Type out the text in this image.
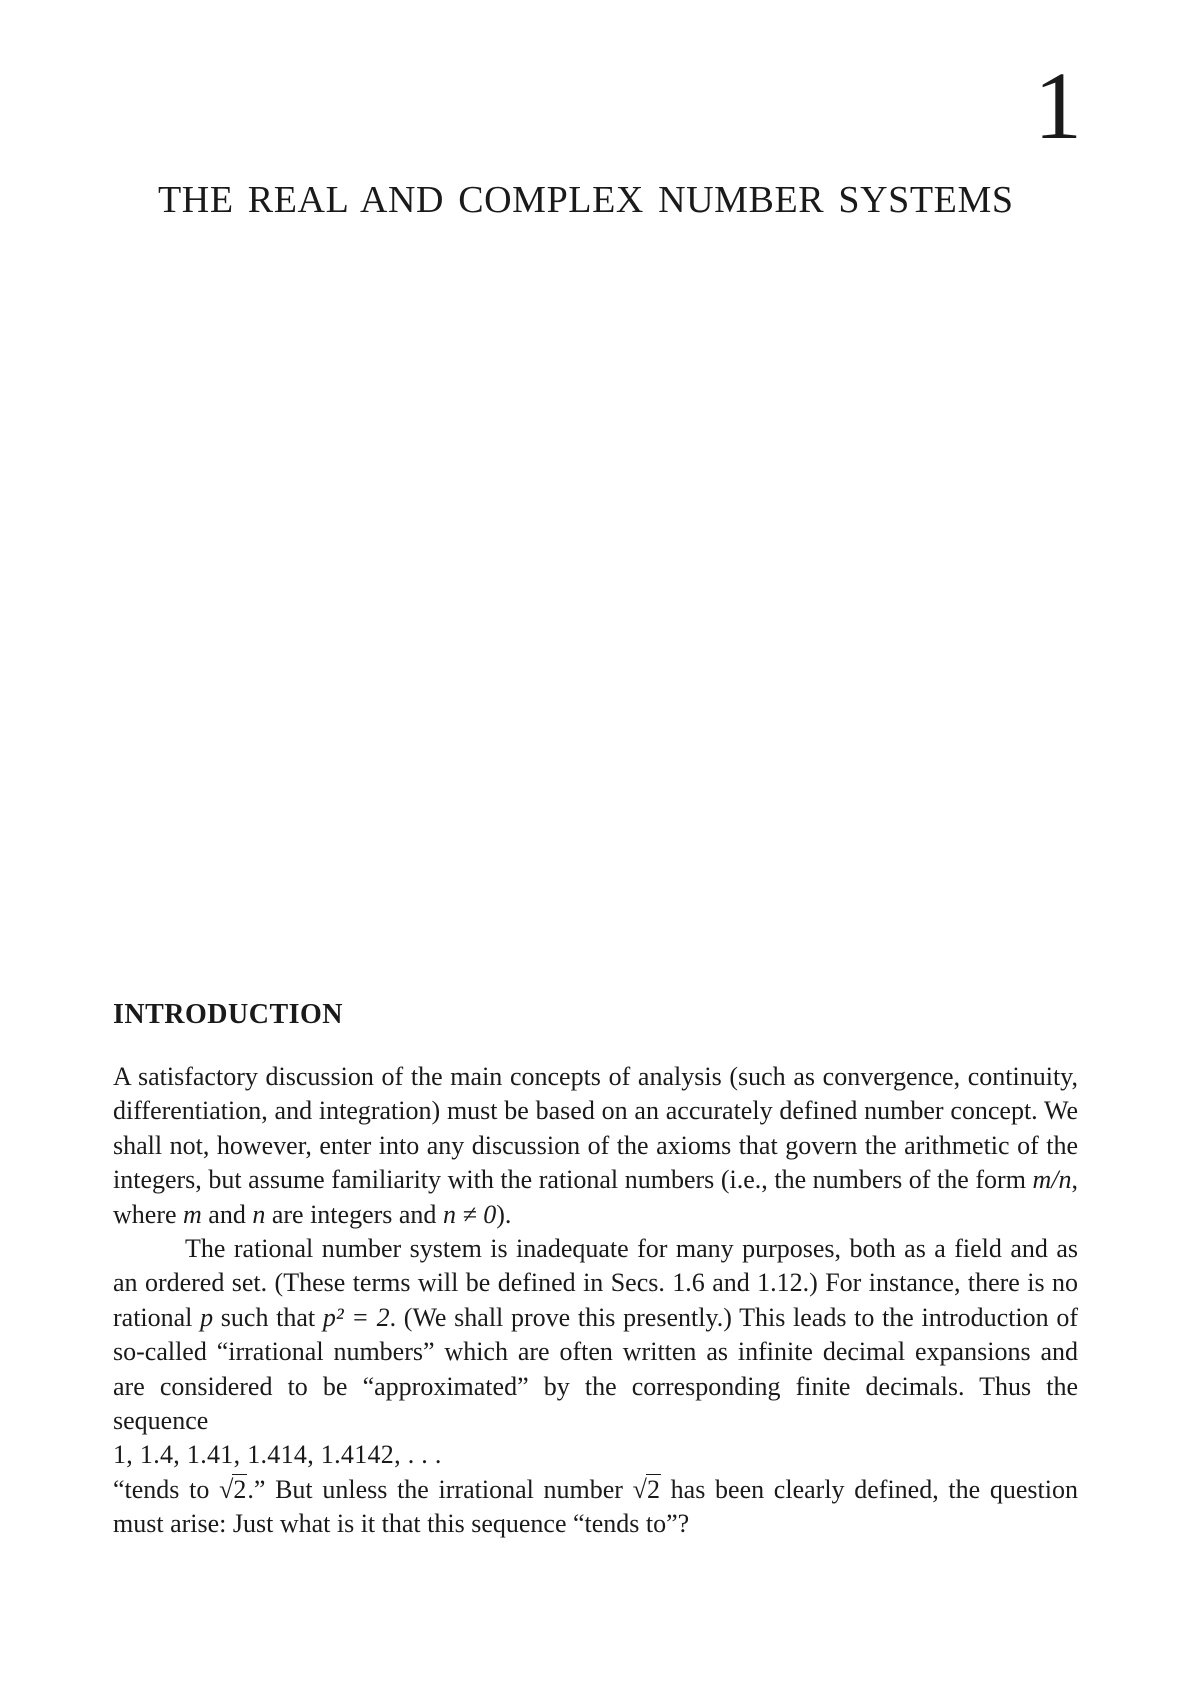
1
THE REAL AND COMPLEX NUMBER SYSTEMS
INTRODUCTION

A satisfactory discussion of the main concepts of analysis (such as convergence, continuity, differentiation, and integration) must be based on an accurately defined number concept. We shall not, however, enter into any discussion of the axioms that govern the arithmetic of the integers, but assume familiarity with the rational numbers (i.e., the numbers of the form m/n, where m and n are integers and n ≠ 0).

The rational number system is inadequate for many purposes, both as a field and as an ordered set. (These terms will be defined in Secs. 1.6 and 1.12.) For instance, there is no rational p such that p² = 2. (We shall prove this presently.) This leads to the introduction of so-called “irrational numbers” which are often written as infinite decimal expansions and are considered to be “approximated” by the corresponding finite decimals. Thus the sequence

1, 1.4, 1.41, 1.414, 1.4142, . . .

“tends to √2.” But unless the irrational number √2 has been clearly defined, the question must arise: Just what is it that this sequence “tends to”?
